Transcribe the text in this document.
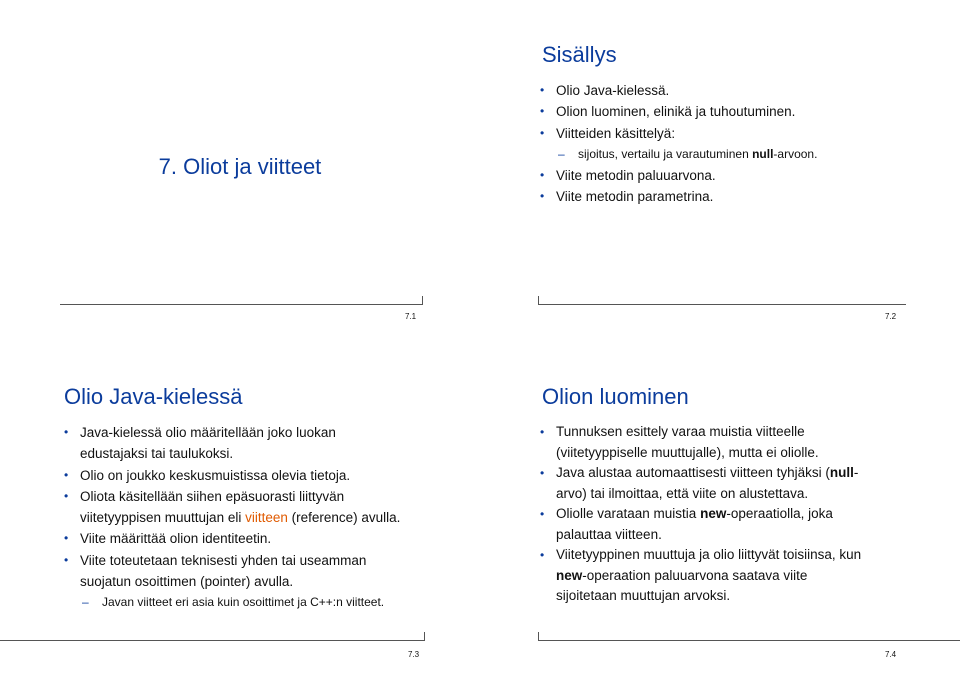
7. Oliot ja viitteet
7.1
Sisällys
• Olio Java-kielessä.
• Olion luominen, elinikä ja tuhoutuminen.
• Viitteiden käsittelyä:
– sijoitus, vertailu ja varautuminen null-arvoon.
• Viite metodin paluuarvona.
• Viite metodin parametrina.
7.2
Olio Java-kielessä
• Java-kielessä olio määritellään joko luokan
edustajaksi tai taulukoksi.
• Olio on joukko keskusmuistissa olevia tietoja.
• Oliota käsitellään siihen epäsuorasti liittyvän
viitetyyppisen muuttujan eli viitteen (reference) avulla.
• Viite määrittää olion identiteetin.
• Viite toteutetaan teknisesti yhden tai useamman
suojatun osoittimen (pointer) avulla.
– Javan viitteet eri asia kuin osoittimet ja C++:n viitteet.
7.3
Olion luominen
• Tunnuksen esittely varaa muistia viitteelle
(viitetyyppiselle muuttujalle), mutta ei oliolle.
• Java alustaa automaattisesti viitteen tyhjäksi (null-
arvo) tai ilmoittaa, että viite on alustettava.
• Oliolle varataan muistia new-operaatiolla, joka
palauttaa viitteen.
• Viitetyyppinen muuttuja ja olio liittyvät toisiinsa, kun
new-operaation paluuarvona saatava viite
sijoitetaan muuttujan arvoksi.
7.4
